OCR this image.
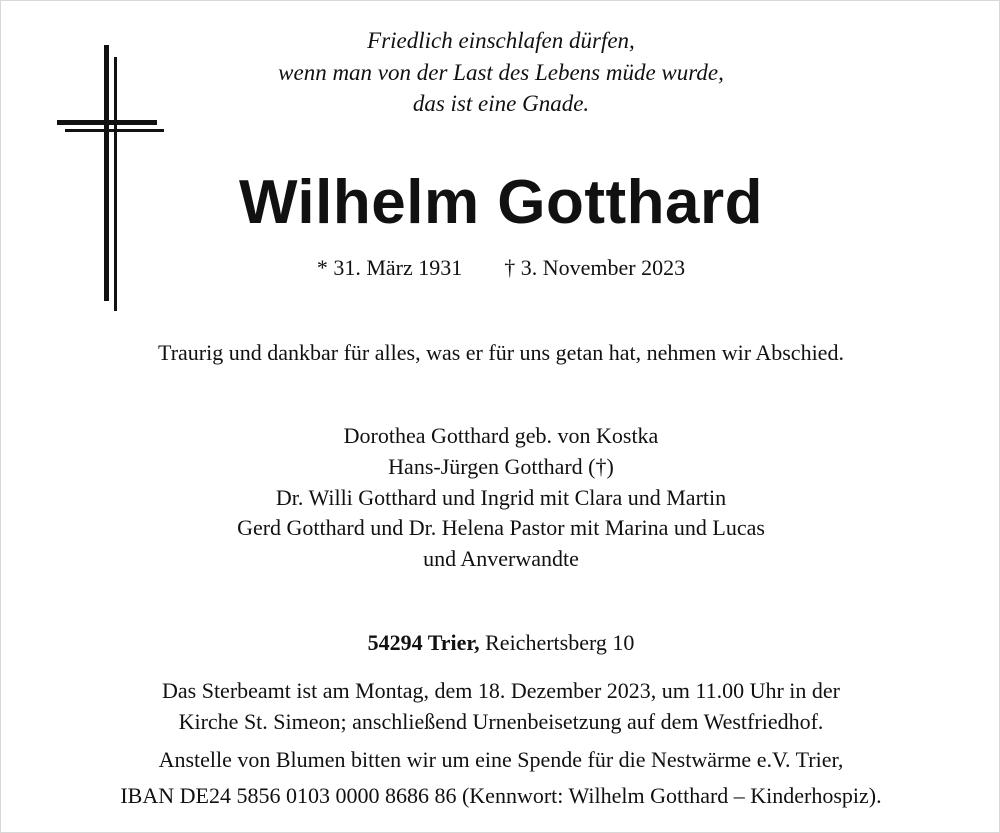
Friedlich einschlafen dürfen,
wenn man von der Last des Lebens müde wurde,
das ist eine Gnade.
Wilhelm Gotthard
* 31. März 1931 † 3. November 2023
Traurig und dankbar für alles, was er für uns getan hat, nehmen wir Abschied.
Dorothea Gotthard geb. von Kostka
Hans-Jürgen Gotthard (†)
Dr. Willi Gotthard und Ingrid mit Clara und Martin
Gerd Gotthard und Dr. Helena Pastor mit Marina und Lucas
und Anverwandte
54294 Trier, Reichertsberg 10
Das Sterbeamt ist am Montag, dem 18. Dezember 2023, um 11.00 Uhr in der
Kirche St. Simeon; anschließend Urnenbeisetzung auf dem Westfriedhof.
Anstelle von Blumen bitten wir um eine Spende für die Nestwärme e.V. Trier,
IBAN DE24 5856 0103 0000 8686 86 (Kennwort: Wilhelm Gotthard – Kinderhospiz).
